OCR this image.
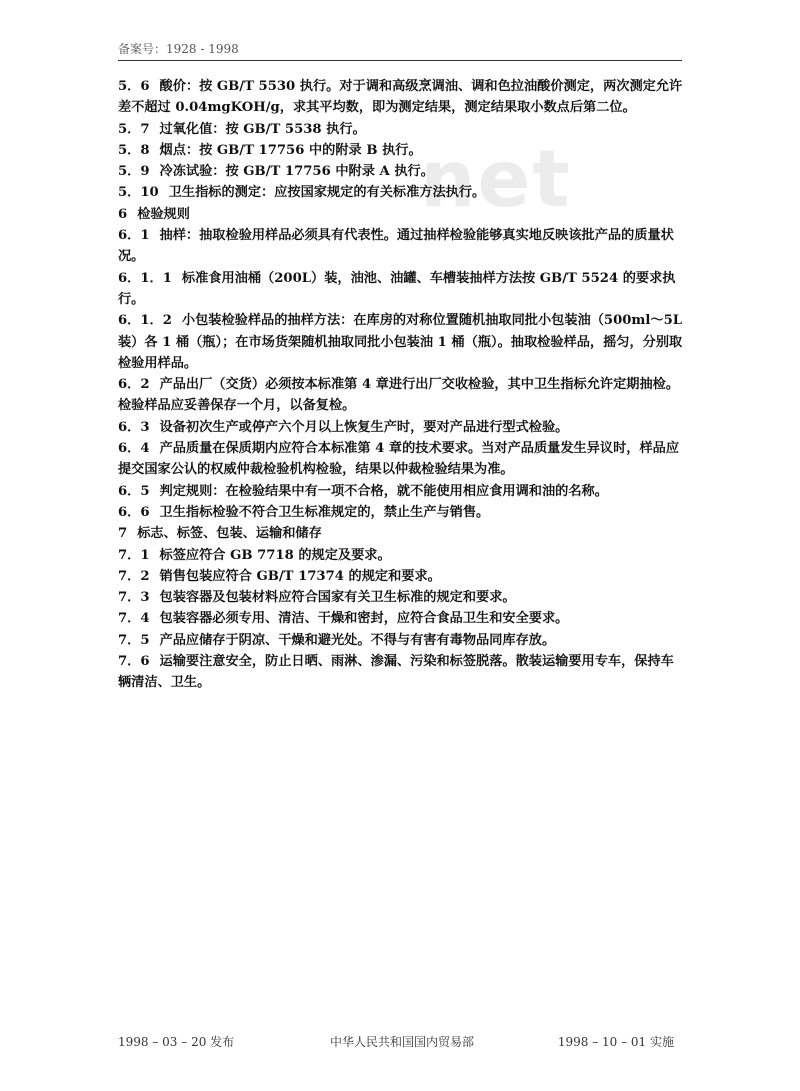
备案号：1928 - 1998
net

5．6 酸价：按 GB/T 5530 执行。对于调和高级烹调油、调和色拉油酸价测定，两次测定允许差不超过 0.04mgKOH/g，求其平均数，即为测定结果，测定结果取小数点后第二位。

5．7 过氧化值：按 GB/T 5538 执行。

5．8 烟点：按 GB/T 17756 中的附录 B 执行。

5．9 冷冻试验：按 GB/T 17756 中附录 A 执行。

5．10 卫生指标的测定：应按国家规定的有关标准方法执行。

6 检验规则

6．1 抽样：抽取检验用样品必须具有代表性。通过抽样检验能够真实地反映该批产品的质量状况。

6．1．1 标准食用油桶（200L）装，油池、油罐、车槽装抽样方法按 GB/T 5524 的要求执行。

6．1．2 小包装检验样品的抽样方法：在库房的对称位置随机抽取同批小包装油（500ml～5L 装）各 1 桶（瓶）；在市场货架随机抽取同批小包装油 1 桶（瓶）。抽取检验样品，摇匀，分别取检验用样品。

6．2 产品出厂（交货）必须按本标准第 4 章进行出厂交收检验，其中卫生指标允许定期抽检。检验样品应妥善保存一个月，以备复检。

6．3 设备初次生产或停产六个月以上恢复生产时，要对产品进行型式检验。

6．4 产品质量在保质期内应符合本标准第 4 章的技术要求。当对产品质量发生异议时，样品应提交国家公认的权威仲裁检验机构检验，结果以仲裁检验结果为准。

6．5 判定规则：在检验结果中有一项不合格，就不能使用相应食用调和油的名称。

6．6 卫生指标检验不符合卫生标准规定的，禁止生产与销售。

7 标志、标签、包装、运输和储存

7．1 标签应符合 GB 7718 的规定及要求。

7．2 销售包装应符合 GB/T 17374 的规定和要求。

7．3 包装容器及包装材料应符合国家有关卫生标准的规定和要求。

7．4 包装容器必须专用、清洁、干燥和密封，应符合食品卫生和安全要求。

7．5 产品应储存于阴凉、干燥和避光处。不得与有害有毒物品同库存放。

7．6 运输要注意安全，防止日晒、雨淋、渗漏、污染和标签脱落。散装运输要用专车，保持车辆清洁、卫生。

1998 – 03 – 20 发布	中华人民共和国国内贸易部	1998 – 10 – 01 实施
